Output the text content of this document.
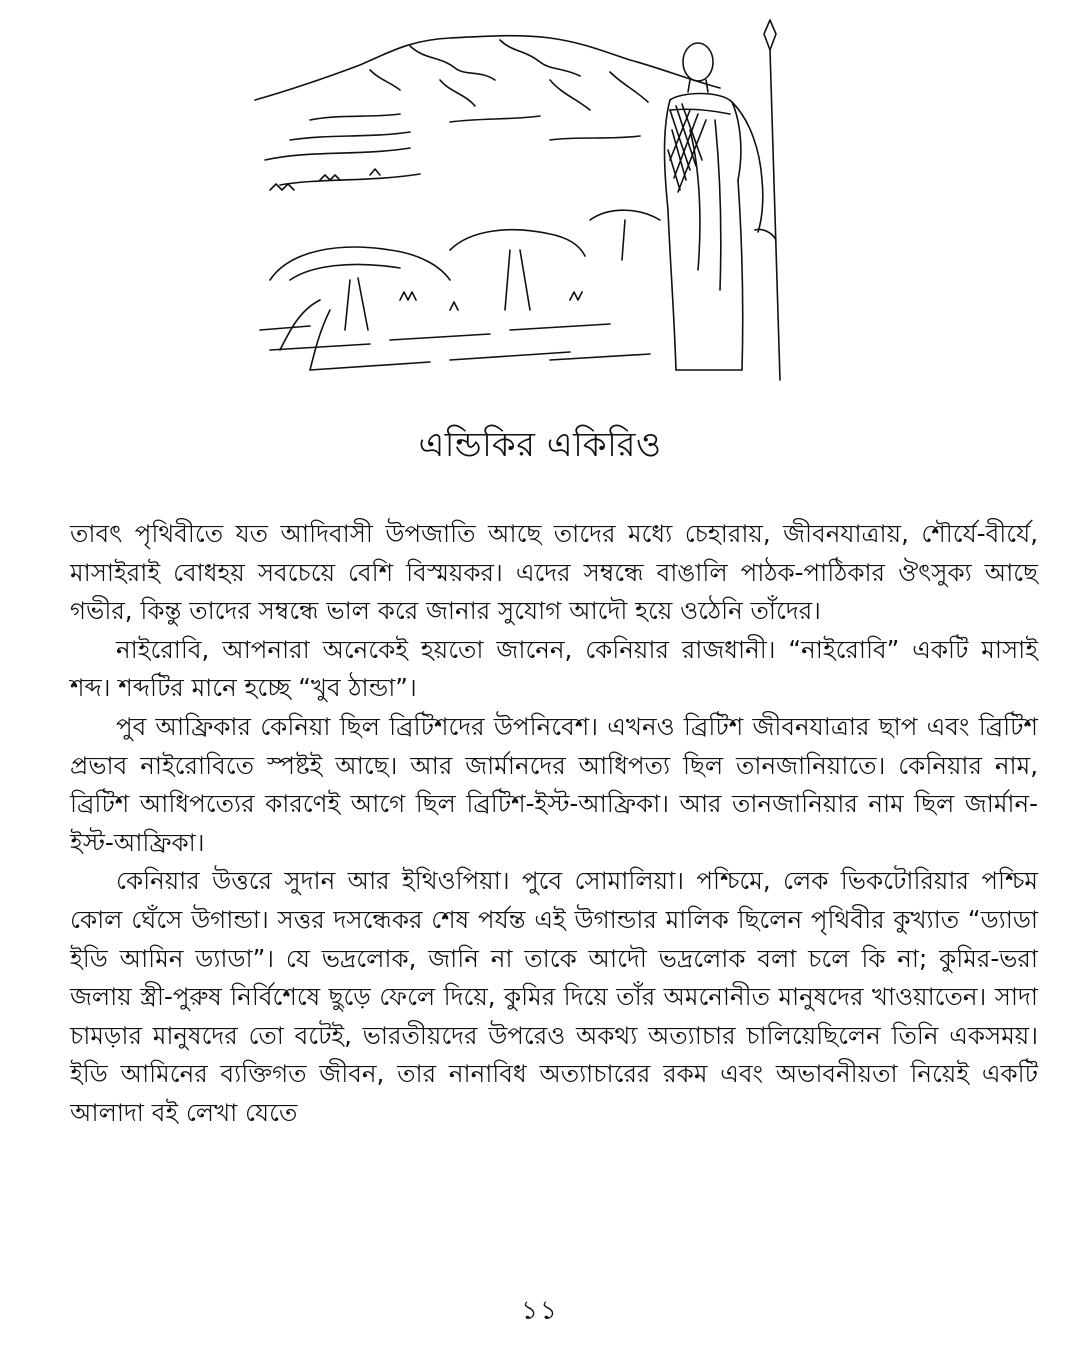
এন্ডিকির একিরিও

তাবৎ পৃথিবীতে যত আদিবাসী উপজাতি আছে তাদের মধ্যে চেহারায়, জীবনযাত্রায়, শৌর্যে-বীর্যে, মাসাইরাই বোধহয় সবচেয়ে বেশি বিস্ময়কর। এদের সম্বন্ধে বাঙালি পাঠক-পাঠিকার ঔৎসুক্য আছে গভীর, কিন্তু তাদের সম্বন্ধে ভাল করে জানার সুযোগ আদৌ হয়ে ওঠেনি তাঁদের।

নাইরোবি, আপনারা অনেকেই হয়তো জানেন, কেনিয়ার রাজধানী। “নাইরোবি” একটি মাসাই শব্দ। শব্দটির মানে হচ্ছে “খুব ঠান্ডা”।

পুব আফ্রিকার কেনিয়া ছিল ব্রিটিশদের উপনিবেশ। এখনও ব্রিটিশ জীবনযাত্রার ছাপ এবং ব্রিটিশ প্রভাব নাইরোবিতে স্পষ্টই আছে। আর জার্মানদের আধিপত্য ছিল তানজানিয়াতে। কেনিয়ার নাম, ব্রিটিশ আধিপত্যের কারণেই আগে ছিল ব্রিটিশ-ইস্ট-আফ্রিকা। আর তানজানিয়ার নাম ছিল জার্মান-ইস্ট-আফ্রিকা।

কেনিয়ার উত্তরে সুদান আর ইথিওপিয়া। পুবে সোমালিয়া। পশ্চিমে, লেক ভিকটোরিয়ার পশ্চিম কোল ঘেঁসে উগান্ডা। সত্তর দসন্ধেকর শেষ পর্যন্ত এই উগান্ডার মালিক ছিলেন পৃথিবীর কুখ্যাত “ড্যাডা ইডি আমিন ড্যাডা”। যে ভদ্রলোক, জানি না তাকে আদৌ ভদ্রলোক বলা চলে কি না; কুমির-ভরা জলায় স্ত্রী-পুরুষ নির্বিশেষে ছুড়ে ফেলে দিয়ে, কুমির দিয়ে তাঁর অমনোনীত মানুষদের খাওয়াতেন। সাদা চামড়ার মানুষদের তো বটেই, ভারতীয়দের উপরেও অকথ্য অত্যাচার চালিয়েছিলেন তিনি একসময়। ইডি আমিনের ব্যক্তিগত জীবন, তার নানাবিধ অত্যাচারের রকম এবং অভাবনীয়তা নিয়েই একটি আলাদা বই লেখা যেতে

১১
